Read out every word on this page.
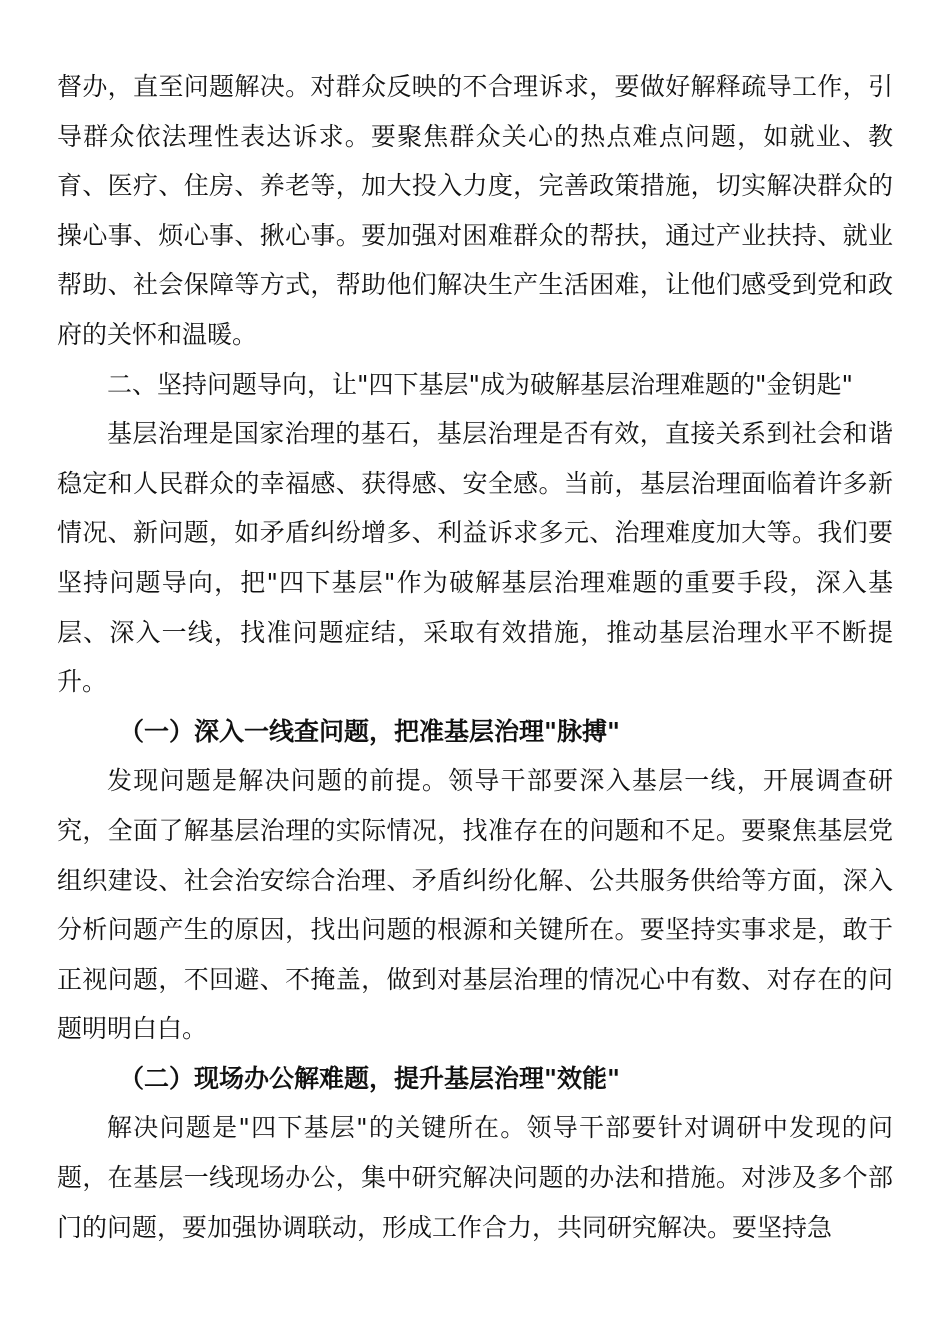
督办，直至问题解决。对群众反映的不合理诉求，要做好解释疏导工作，引导群众依法理性表达诉求。要聚焦群众关心的热点难点问题，如就业、教育、医疗、住房、养老等，加大投入力度，完善政策措施，切实解决群众的操心事、烦心事、揪心事。要加强对困难群众的帮扶，通过产业扶持、就业帮助、社会保障等方式，帮助他们解决生产生活困难，让他们感受到党和政府的关怀和温暖。

二、坚持问题导向，让"四下基层"成为破解基层治理难题的"金钥匙"

基层治理是国家治理的基石，基层治理是否有效，直接关系到社会和谐稳定和人民群众的幸福感、获得感、安全感。当前，基层治理面临着许多新情况、新问题，如矛盾纠纷增多、利益诉求多元、治理难度加大等。我们要坚持问题导向，把"四下基层"作为破解基层治理难题的重要手段，深入基层、深入一线，找准问题症结，采取有效措施，推动基层治理水平不断提升。

（一）深入一线查问题，把准基层治理"脉搏"

发现问题是解决问题的前提。领导干部要深入基层一线，开展调查研究，全面了解基层治理的实际情况，找准存在的问题和不足。要聚焦基层党组织建设、社会治安综合治理、矛盾纠纷化解、公共服务供给等方面，深入分析问题产生的原因，找出问题的根源和关键所在。要坚持实事求是，敢于正视问题，不回避、不掩盖，做到对基层治理的情况心中有数、对存在的问题明明白白。

（二）现场办公解难题，提升基层治理"效能"

解决问题是"四下基层"的关键所在。领导干部要针对调研中发现的问题，在基层一线现场办公，集中研究解决问题的办法和措施。对涉及多个部门的问题，要加强协调联动，形成工作合力，共同研究解决。要坚持急
